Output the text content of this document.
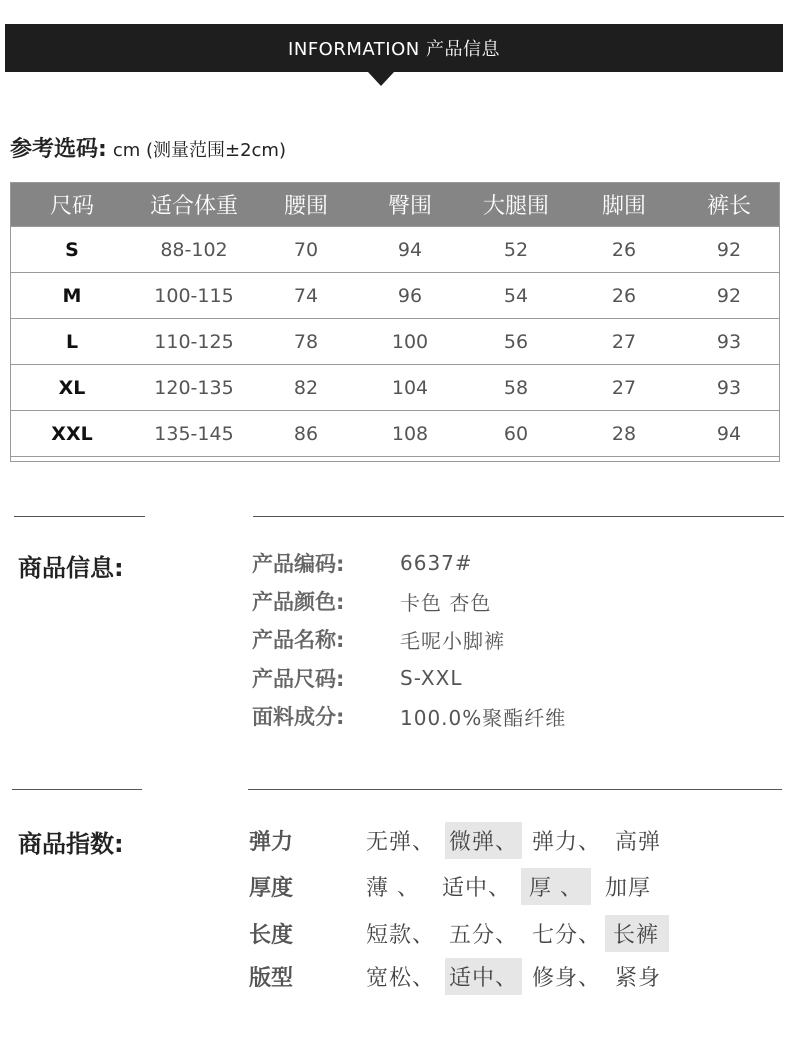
INFORMATION 产品信息
参考选码: cm (测量范围±2cm)
尺码	适合体重	腰围	臀围	大腿围	脚围	裤长
S	88-102	70	94	52	26	92
M	100-115	74	96	54	26	92
L	110-125	78	100	56	27	93
XL	120-135	82	104	58	27	93
XXL	135-145	86	108	60	28	94
商品信息:	产品编码:	6637#
产品颜色:	卡色 杏色
产品名称:	毛呢小脚裤
产品尺码:	S-XXL
面料成分:	100.0%聚酯纤维
商品指数:	弹力	无弹、 微弹、 弹力、 高弹
厚度	薄 、 适中、 厚 、	加厚
长度	短款、 五分、 七分、 长裤
版型	宽松、 适中、 修身、 紧身
